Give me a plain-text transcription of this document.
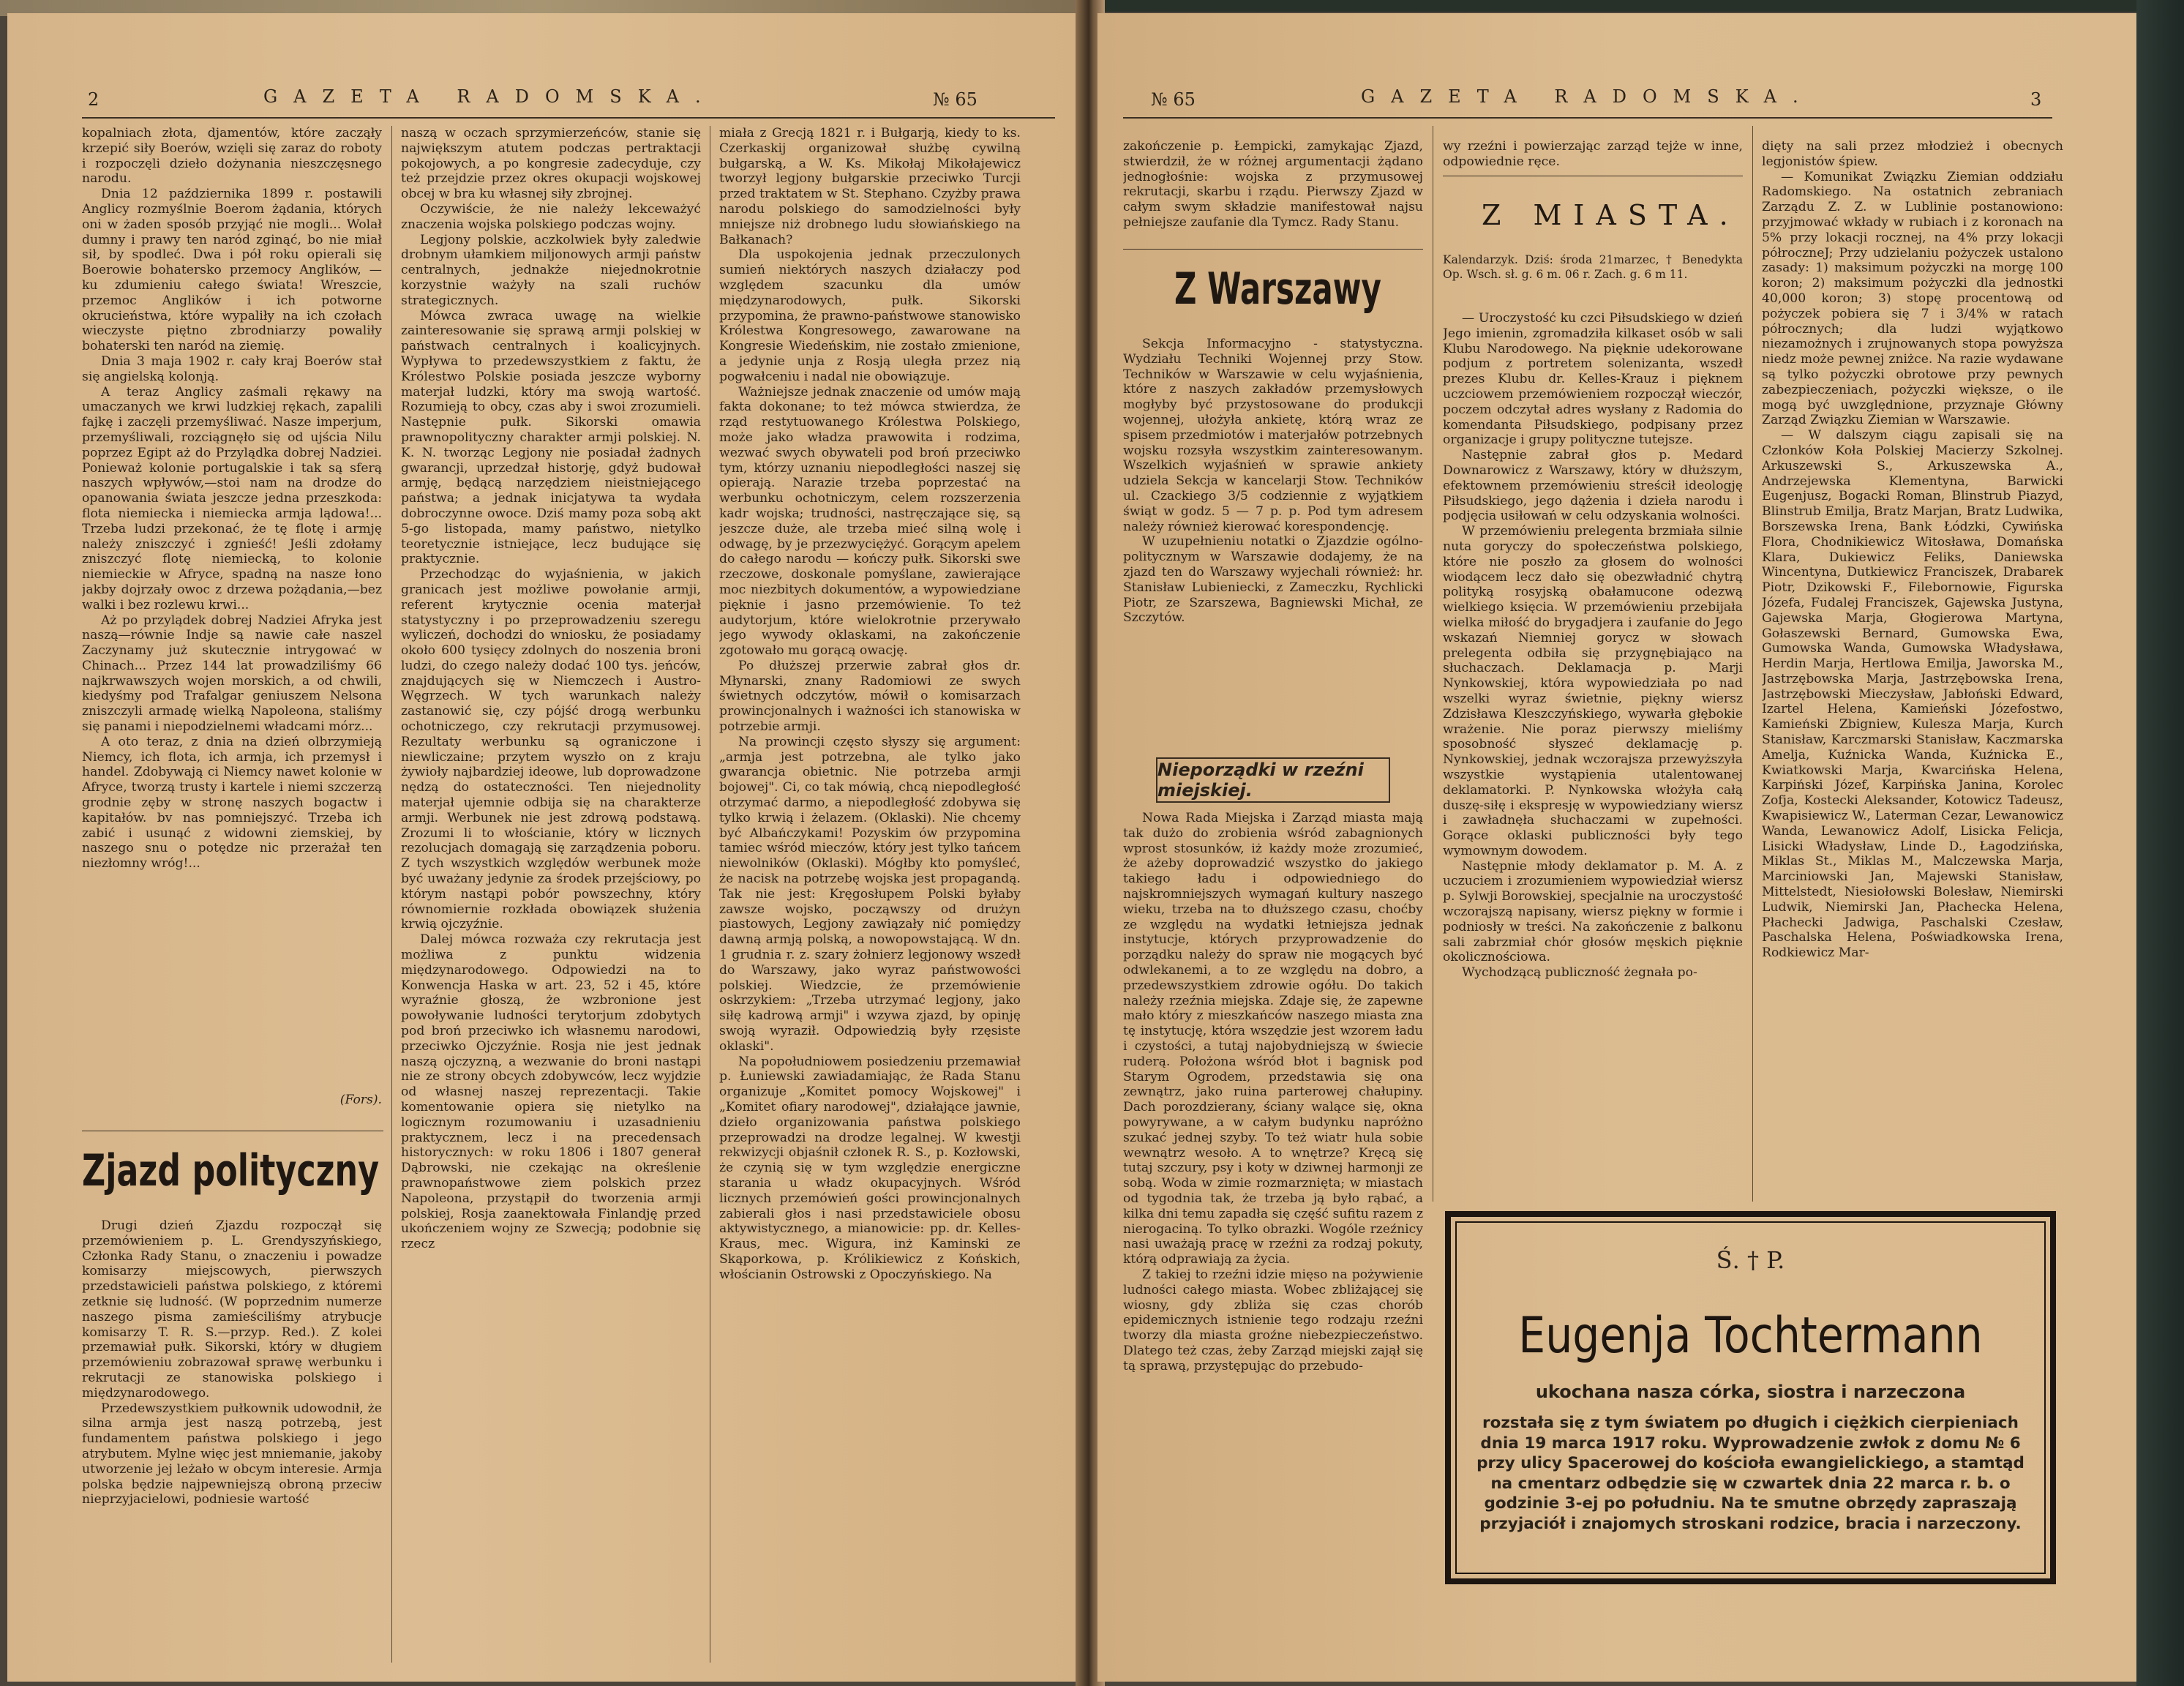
2	GAZETA RADOMSKA.	№ 65

kopalniach złota, djamentów, które zacząły krzepić siły Boerów, wzięli się zaraz do roboty i rozpoczęli dzieło dożynania nieszczęsnego narodu.

Dnia 12 października 1899 r. postawili Anglicy rozmyślnie Boerom żądania, których oni w żaden sposób przyjąć nie mogli... Wolał dumny i prawy ten naród zginąć, bo nie miał sił, by spodleć. Dwa i pół roku opierali się Boerowie bohatersko przemocy Anglików, — ku zdumieniu całego świata! Wreszcie, przemoc Anglików i ich potworne okrucieństwa, które wypaliły na ich czołach wieczyste piętno zbrodniarzy powaliły bohaterski ten naród na ziemię.

Dnia 3 maja 1902 r. cały kraj Boerów stał się angielską kolonją.

A teraz Anglicy zaśmali rękawy na umaczanych we krwi ludzkiej rękach, zapalili fajkę i zaczęli przemyśliwać. Nasze imperjum, przemyśliwali, rozciągnęło się od ujścia Nilu poprzez Egipt aż do Przylądka dobrej Nadziei. Ponieważ kolonie portugalskie i tak są sferą naszych wpływów,—stoi nam na drodze do opanowania świata jeszcze jedna przeszkoda: flota niemiecka i niemiecka armja lądowa!... Trzeba ludzi przekonać, że tę flotę i armję należy zniszczyć i zgnieść! Jeśli zdołamy zniszczyć flotę niemiecką, to kolonie niemieckie w Afryce, spadną na nasze łono jakby dojrzały owoc z drzewa pożądania,—bez walki i bez rozlewu krwi...

Aż po przylądek dobrej Nadziei Afryka jest naszą—równie Indje są nawie całe naszel Zaczynamy już skutecznie intrygować w Chinach... Przez 144 lat prowadziliśmy 66 najkrwawszych wojen morskich, a od chwili, kiedyśmy pod Trafalgar geniuszem Nelsona zniszczyli armadę wielką Napoleona, staliśmy się panami i niepodzielnemi władcami mórz...

A oto teraz, z dnia na dzień olbrzymieją Niemcy, ich flota, ich armja, ich przemysł i handel. Zdobywają ci Niemcy nawet kolonie w Afryce, tworzą trusty i kartele i niemi szczerzą grodnie zęby w stronę naszych bogactw i kapitałów. bv nas pomniejszyć. Trzeba ich zabić i usunąć z widowni ziemskiej, by naszego snu o potędze nic przerażał ten niezłomny wróg!...

(Fors).
Zjazd polityczny

Drugi dzień Zjazdu rozpoczął się przemówieniem p. L. Grendyszyńskiego, Członka Rady Stanu, o znaczeniu i powadze komisarzy miejscowych, pierwszych przedstawicieli państwa polskiego, z któremi zetknie się ludność. (W poprzednim numerze naszego pisma zamieściliśmy atrybucje komisarzy T. R. S.—przyp. Red.). Z kolei przemawiał pułk. Sikorski, który w długiem przemówieniu zobrazował sprawę werbunku i rekrutacji ze stanowiska polskiego i międzynarodowego.

Przedewszystkiem pułkownik udowodnił, że silna armja jest naszą potrzebą, jest fundamentem państwa polskiego i jego atrybutem. Mylne więc jest mniemanie, jakoby utworzenie jej leżało w obcym interesie. Armja polska będzie najpewniejszą obroną przeciw nieprzyjacielowi, podniesie wartość

naszą w oczach sprzymierzeńców, stanie się największym atutem podczas pertraktacji pokojowych, a po kongresie zadecyduje, czy też przejdzie przez okres okupacji wojskowej obcej w bra ku własnej siły zbrojnej.

Oczywiście, że nie należy lekceważyć znaczenia wojska polskiego podczas wojny.

Legjony polskie, aczkolwiek były zaledwie drobnym ułamkiem miljonowych armji państw centralnych, jednakże niejednokrotnie korzystnie ważyły na szali ruchów strategicznych.

Mówca zwraca uwagę na wielkie zainteresowanie się sprawą armji polskiej w państwach centralnych i koalicyjnych. Wypływa to przedewszystkiem z faktu, że Królestwo Polskie posiada jeszcze wyborny materjał ludzki, który ma swoją wartość. Rozumieją to obcy, czas aby i swoi zrozumieli. Następnie pułk. Sikorski omawia prawnopolityczny charakter armji polskiej. N. K. N. tworząc Legjony nie posiadał żadnych gwarancji, uprzedzał historję, gdyż budował armję, będącą narzędziem nieistniejącego państwa; a jednak inicjatywa ta wydała dobroczynne owoce. Dziś mamy poza sobą akt 5-go listopada, mamy państwo, nietylko teoretycznie istniejące, lecz budujące się praktycznie.

Przechodząc do wyjaśnienia, w jakich granicach jest możliwe powołanie armji, referent krytycznie ocenia materjał statystyczny i po przeprowadzeniu szeregu wyliczeń, dochodzi do wniosku, że posiadamy około 600 tysięcy zdolnych do noszenia broni ludzi, do czego należy dodać 100 tys. jeńców, znajdujących się w Niemczech i Austro-Węgrzech. W tych warunkach należy zastanowić się, czy pójść drogą werbunku ochotniczego, czy rekrutacji przymusowej. Rezultaty werbunku są ograniczone i niewliczaine; przytem wyszło on z kraju żywioły najbardziej ideowe, lub doprowadzone nędzą do ostateczności. Ten niejednolity materjał ujemnie odbija się na charakterze armji. Werbunek nie jest zdrową podstawą. Zrozumi li to włościanie, który w licznych rezolucjach domagają się zarządzenia poboru. Z tych wszystkich względów werbunek może być uważany jedynie za środek przejściowy, po którym nastąpi pobór powszechny, który równomiernie rozkłada obowiązek służenia krwią ojczyźnie.

Dalej mówca rozważa czy rekrutacja jest możliwa z punktu widzenia międzynarodowego. Odpowiedzi na to Konwencja Haska w art. 23, 52 i 45, które wyraźnie głoszą, że wzbronione jest powoływanie ludności terytorjum zdobytych pod broń przeciwko ich własnemu narodowi, przeciwko Ojczyźnie. Rosja nie jest jednak naszą ojczyzną, a wezwanie do broni nastąpi nie ze strony obcych zdobywców, lecz wyjdzie od własnej naszej reprezentacji. Takie komentowanie opiera się nietylko na logicznym rozumowaniu i uzasadnieniu praktycznem, lecz i na precedensach historycznych: w roku 1806 i 1807 generał Dąbrowski, nie czekając na określenie prawnopaństwowe ziem polskich przez Napoleona, przystąpił do tworzenia armji polskiej, Rosja zaanektowała Finlandję przed ukończeniem wojny ze Szwecją; podobnie się rzecz

miała z Grecją 1821 r. i Bułgarją, kiedy to ks. Czerkaskij organizował służbę cywilną bułgarską, a W. Ks. Mikołaj Mikołajewicz tworzył legjony bułgarskie przeciwko Turcji przed traktatem w St. Stephano. Czyżby prawa narodu polskiego do samodzielności były mniejsze niż drobnego ludu słowiańskiego na Bałkanach?

Dla uspokojenia jednak przeczulonych sumień niektórych naszych działaczy pod względem szacunku dla umów międzynarodowych, pułk. Sikorski przypomina, że prawno-państwowe stanowisko Królestwa Kongresowego, zawarowane na Kongresie Wiedeńskim, nie zostało zmienione, a jedynie unja z Rosją uległa przez nią pogwałceniu i nadal nie obowiązuje.

Ważniejsze jednak znaczenie od umów mają fakta dokonane; to też mówca stwierdza, że rząd restytuowanego Królestwa Polskiego, może jako władza prawowita i rodzima, wezwać swych obywateli pod broń przeciwko tym, którzy uznaniu niepodległości naszej się opierają. Narazie trzeba poprzestać na werbunku ochotniczym, celem rozszerzenia kadr wojska; trudności, nastręczające się, są jeszcze duże, ale trzeba mieć silną wolę i odwagę, by je przezwyciężyć. Gorącym apelem do całego narodu — kończy pułk. Sikorski swe rzeczowe, doskonale pomyślane, zawierające moc niezbitych dokumentów, a wypowiedziane pięknie i jasno przemówienie. To też audytorjum, które wielokrotnie przerywało jego wywody oklaskami, na zakończenie zgotowało mu gorącą owację.

Po dłuższej przerwie zabrał głos dr. Młynarski, znany Radomiowi ze swych świetnych odczytów, mówił o komisarzach prowincjonalnych i ważności ich stanowiska w potrzebie armji.

Na prowincji często słyszy się argument: „armja jest potrzebna, ale tylko jako gwarancja obietnic. Nie potrzeba armji bojowej". Ci, co tak mówią, chcą niepodległość otrzymać darmo, a niepodległość zdobywa się tylko krwią i żelazem. (Oklaski). Nie chcemy być Albańczykami! Pozyskim ów przypomina tamiec wśród mieczów, który jest tylko tańcem niewolników (Oklaski). Mógłby kto pomyśleć, że nacisk na potrzebę wojska jest propagandą. Tak nie jest: Kręgosłupem Polski byłaby zawsze wojsko, począwszy od drużyn piastowych, Legjony zawiązały nić pomiędzy dawną armją polską, a nowopowstającą. W dn. 1 grudnia r. z. szary żołnierz legjonowy wszedł do Warszawy, jako wyraz państwowości polskiej. Wiedzcie, że przemówienie oskrzykiem: „Trzeba utrzymać legjony, jako siłę kadrową armji" i wzywa zjazd, by opinję swoją wyraził. Odpowiedzią były rzęsiste oklaski".

Na popołudniowem posiedzeniu przemawiał p. Łuniewski zawiadamiając, że Rada Stanu organizuje „Komitet pomocy Wojskowej" i „Komitet ofiary narodowej", działające jawnie, dzieło organizowania państwa polskiego przeprowadzi na drodze legalnej. W kwestji rekwizycji objaśnił członek R. S., p. Kozłowski, że czynią się w tym względzie energiczne starania u władz okupacyjnych. Wśród licznych przemówień gości prowincjonalnych zabierali głos i nasi przedstawiciele obosu aktywistycznego, a mianowicie: pp. dr. Kelles-Kraus, mec. Wigura, inż Kaminski ze Skąporkowa, p. Królikiewicz z Końskich, włościanin Ostrowski z Opoczyńskiego. Na

№ 65	GAZETA RADOMSKA.	3

zakończenie p. Łempicki, zamykając Zjazd, stwierdził, że w różnej argumentacji żądano jednogłośnie: wojska z przymusowej rekrutacji, skarbu i rządu. Pierwszy Zjazd w całym swym składzie manifestował najsu pełniejsze zaufanie dla Tymcz. Rady Stanu.

Z Warszawy

Sekcja Informacyjno - statystyczna. Wydziału Techniki Wojennej przy Stow. Techników w Warszawie w celu wyjaśnienia, które z naszych zakładów przemysłowych mogłyby być przystosowane do produkcji wojennej, ułożyła ankietę, którą wraz ze spisem przedmiotów i materjałów potrzebnych wojsku rozsyła wszystkim zainteresowanym. Wszelkich wyjaśnień w sprawie ankiety udziela Sekcja w kancelarji Stow. Techników ul. Czackiego 3/5 codziennie z wyjątkiem świąt w godz. 5 — 7 p. p. Pod tym adresem należy również kierować korespondencję.

W uzupełnieniu notatki o Zjazdzie ogólno-politycznym w Warszawie dodajemy, że na zjazd ten do Warszawy wyjechali również: hr. Stanisław Lubieniecki, z Zameczku, Rychlicki Piotr, ze Szarszewa, Bagniewski Michał, ze Szczytów.

Nieporządki w rzeźni miejskiej.

Nowa Rada Miejska i Zarząd miasta mają tak dużo do zrobienia wśród zabagnionych wprost stosunków, iż każdy może zrozumieć, że ażeby doprowadzić wszystko do jakiego takiego ładu i odpowiedniego do najskromniejszych wymagań kultury naszego wieku, trzeba na to dłuższego czasu, choćby ze względu na wydatki łetniejsza jednak instytucje, których przyprowadzenie do porządku należy do spraw nie mogących być odwlekanemi, a to ze względu na dobro, a przedewszystkiem zdrowie ogółu. Do takich należy rzeźnia miejska. Zdaje się, że zapewne mało który z mieszkańców naszego miasta zna tę instytucję, która wszędzie jest wzorem ładu i czystości, a tutaj najobydniejszą w świecie ruderą. Położona wśród błot i bagnisk pod Starym Ogrodem, przedstawia się ona zewnątrz, jako ruina parterowej chałupiny. Dach porozdzierany, ściany walące się, okna powyrywane, a w całym budynku napróżno szukać jednej szyby. To też wiatr hula sobie wewnątrz wesoło. A to wnętrze? Kręcą się tutaj szczury, psy i koty w dziwnej harmonji ze sobą. Woda w zimie rozmarznięta; w miastach od tygodnia tak, że trzeba ją było rąbać, a kilka dni temu zapadła się część sufitu razem z nierogaciną. To tylko obrazki. Wogóle rzeźnicy nasi uważają pracę w rzeźni za rodzaj pokuty, którą odprawiają za życia.

Z takiej to rzeźni idzie mięso na pożywienie ludności całego miasta. Wobec zbliżającej się wiosny, gdy zbliża się czas chorób epidemicznych istnienie tego rodzaju rzeźni tworzy dla miasta groźne niebezpieczeństwo. Dlatego też czas, żeby Zarząd miejski zajął się tą sprawą, przystępując do przebudo-

wy rzeźni i powierzając zarząd tejże w inne, odpowiednie ręce.

Z MIASTA.

Kalendarzyk. Dziś: środa 21marzec, † Benedykta Op. Wsch. sł. g. 6 m. 06 r. Zach. g. 6 m 11.

— Uroczystość ku czci Piłsudskiego w dzień Jego imienin, zgromadziła kilkaset osób w sali Klubu Narodowego. Na pięknie udekorowane podjum z portretem solenizanta, wszedł prezes Klubu dr. Kelles-Krauz i pięknem uczciowem przemówieniem rozpoczął wieczór, poczem odczytał adres wysłany z Radomia do komendanta Piłsudskiego, podpisany przez organizacje i grupy polityczne tutejsze.

Następnie zabrał głos p. Medard Downarowicz z Warszawy, który w dłuższym, efektownem przemówieniu streścił ideologję Piłsudskiego, jego dążenia i dzieła narodu i podjęcia usiłowań w celu odzyskania wolności.

W przemówieniu prelegenta brzmiała silnie nuta goryczy do społeczeństwa polskiego, które nie poszło za głosem do wolności wiodącem lecz dało się obezwładnić chytrą polityką rosyjską obałamucone odezwą wielkiego księcia. W przemówieniu przebijała wielka miłość do brygadjera i zaufanie do Jego wskazań Niemniej gorycz w słowach prelegenta odbiła się przygnębiająco na słuchaczach. Deklamacja p. Marji Nynkowskiej, która wypowiedziała po nad wszelki wyraz świetnie, piękny wiersz Zdzisława Kleszczyńskiego, wywarła głębokie wrażenie. Nie poraz pierwszy mieliśmy sposobność słyszeć deklamację p. Nynkowskiej, jednak wczorajsza przewyższyła wszystkie wystąpienia utalentowanej deklamatorki. P. Nynkowska włożyła całą duszę-siłę i ekspresję w wypowiedziany wiersz i zawładnęła słuchaczami w zupełności. Gorące oklaski publiczności były tego wymownym dowodem.

Następnie młody deklamator p. M. A. z uczuciem i zrozumieniem wypowiedział wiersz p. Sylwji Borowskiej, specjalnie na uroczystość wczorajszą napisany, wiersz piękny w formie i podniosły w treści. Na zakończenie z balkonu sali zabrzmiał chór głosów męskich pięknie okolicznościowa.

Wychodzącą publiczność żegnała po-

dięty na sali przez młodzież i obecnych legjonistów śpiew.

— Komunikat Związku Ziemian oddziału Radomskiego. Na ostatnich zebraniach Zarządu Z. Z. w Lublinie postanowiono: przyjmować wkłady w rubiach i z koronach na 5% przy lokacji rocznej, na 4% przy lokacji półroczneJ; Przy udzielaniu pożyczek ustalono zasady: 1) maksimum pożyczki na morgę 100 koron; 2) maksimum pożyczki dla jednostki 40,000 koron; 3) stopę procentową od pożyczek pobiera się 7 i 3/4% w ratach półrocznych; dla ludzi wyjątkowo niezamożnych i zrujnowanych stopa powyższa niedz może pewnej zniżce. Na razie wydawane są tylko pożyczki obrotowe przy pewnych zabezpieczeniach, pożyczki większe, o ile mogą być uwzględnione, przyznaje Główny Zarząd Związku Ziemian w Warszawie.

— W dalszym ciągu zapisali się na Członków Koła Polskiej Macierzy Szkolnej. Arkuszewski S., Arkuszewska A., Andrzejewska Klementyna, Barwicki Eugenjusz, Bogacki Roman, Blinstrub Piazyd, Blinstrub Emilja, Bratz Marjan, Bratz Ludwika, Borszewska Irena, Bank Łódzki, Cywińska Flora, Chodnikiewicz Witosława, Domańska Klara, Dukiewicz Feliks, Daniewska Wincentyna, Dutkiewicz Franciszek, Drabarek Piotr, Dzikowski F., Filebornowie, Figurska Józefa, Fudalej Franciszek, Gajewska Justyna, Gajewska Marja, Głogierowa Martyna, Gołaszewski Bernard, Gumowska Ewa, Gumowska Wanda, Gumowska Władysława, Herdin Marja, Hertlowa Emilja, Jaworska M., Jastrzębowska Marja, Jastrzębowska Irena, Jastrzębowski Mieczysław, Jabłoński Edward, Izartel Helena, Kamieński Józefostwo, Kamieński Zbigniew, Kulesza Marja, Kurch Stanisław, Karczmarski Stanisław, Kaczmarska Amelja, Kuźnicka Wanda, Kuźnicka E., Kwiatkowski Marja, Kwarcińska Helena, Karpiński Józef, Karpińska Janina, Korolec Zofja, Kostecki Aleksander, Kotowicz Tadeusz, Kwapisiewicz W., Laterman Cezar, Lewanowicz Wanda, Lewanowicz Adolf, Lisicka Felicja, Lisicki Władysław, Linde D., Łagodzińska, Miklas St., Miklas M., Malczewska Marja, Marciniowski Jan, Majewski Stanisław, Mittelstedt, Niesiołowski Bolesław, Niemirski Ludwik, Niemirski Jan, Płachecka Helena, Płachecki Jadwiga, Paschalski Czesław, Paschalska Helena, Poświadkowska Irena, Rodkiewicz Mar-

Ś. † P.
Eugenja Tochtermann
ukochana nasza córka, siostra i narzeczona
rozstała się z tym światem po długich i ciężkich cierpieniach dnia 19 marca 1917 roku. Wyprowadzenie zwłok z domu № 6 przy ulicy Spacerowej do kościoła ewangielickiego, a stamtąd na cmentarz odbędzie się w czwartek dnia 22 marca r. b. o godzinie 3-ej po południu. Na te smutne obrzędy zapraszają przyjaciół i znajomych stroskani rodzice, bracia i narzeczony.
